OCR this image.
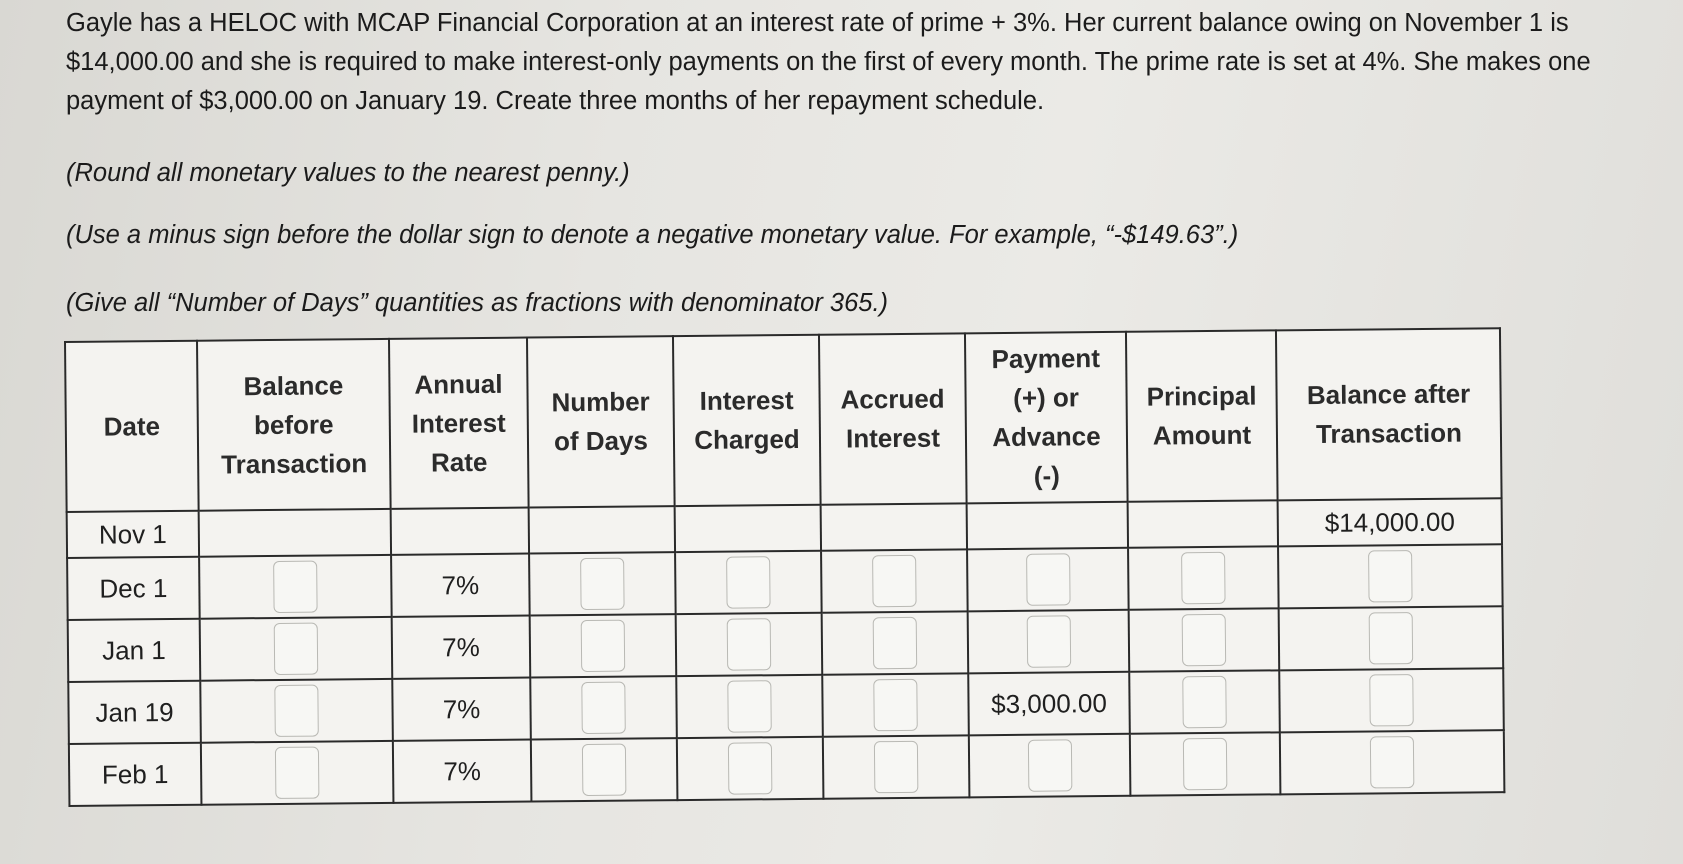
Gayle has a HELOC with MCAP Financial Corporation at an interest rate of prime + 3%. Her current balance owing on November 1 is $14,000.00 and she is required to make interest-only payments on the first of every month. The prime rate is set at 4%. She makes one payment of $3,000.00 on January 19. Create three months of her repayment schedule.

(Round all monetary values to the nearest penny.)

(Use a minus sign before the dollar sign to denote a negative monetary value. For example, “-$149.63”.)

(Give all “Number of Days” quantities as fractions with denominator 365.)

Date	Balance
before
Transaction	Annual
Interest
Rate	Number
of Days	Interest
Charged	Accrued
Interest	Payment
(+) or
Advance
(-)	Principal
Amount	Balance after
Transaction
Nov 1								$14,000.00
Dec 1		7%						
Jan 1		7%						
Jan 19		7%				$3,000.00		
Feb 1		7%						
